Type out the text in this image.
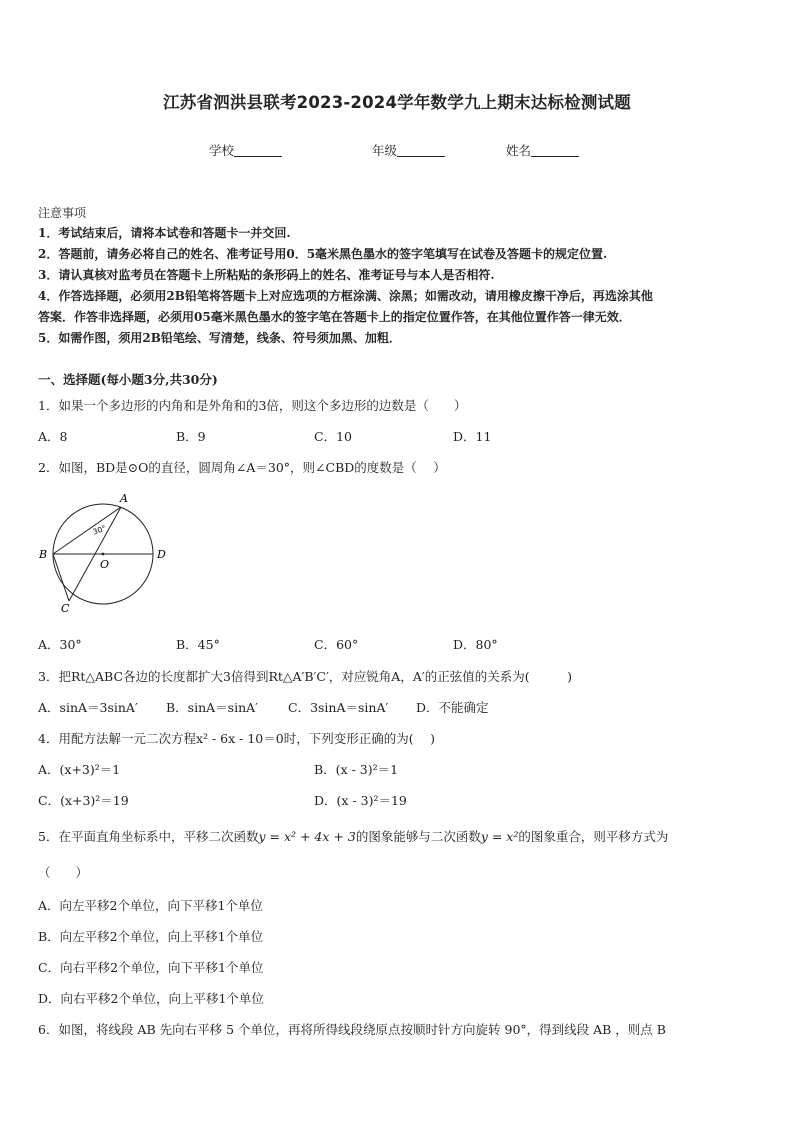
江苏省泗洪县联考2023-2024学年数学九上期末达标检测试题
学校	年级	姓名
注意事项
1．考试结束后，请将本试卷和答题卡一并交回.
2．答题前，请务必将自己的姓名、准考证号用0．5毫米黑色墨水的签字笔填写在试卷及答题卡的规定位置.
3．请认真核对监考员在答题卡上所粘贴的条形码上的姓名、准考证号与本人是否相符.
4．作答选择题，必须用2B铅笔将答题卡上对应选项的方框涂满、涂黑；如需改动，请用橡皮擦干净后，再选涂其他
答案．作答非选择题，必须用05毫米黑色墨水的签字笔在答题卡上的指定位置作答，在其他位置作答一律无效．
5．如需作图，须用2B铅笔绘、写清楚，线条、符号须加黑、加粗．
一、选择题(每小题3分,共30分)
1．如果一个多边形的内角和是外角和的3倍，则这个多边形的边数是（　　）
A．8	B．9	C．10	D．11
2．如图，BD是⊙O的直径，圆周角∠A＝30°，则∠CBD的度数是（　 ）
A
B
C
D
O
30°
A．30°	B．45°	C．60°	D．80°
3．把Rt△ABC各边的长度都扩大3倍得到Rt△A′B′C′，对应锐角A，A′的正弦值的关系为(　　　)
A．sinA＝3sinA′ B．sinA＝sinA′ C．3sinA＝sinA′ D．不能确定
4．用配方法解一元二次方程x² - 6x - 10＝0时，下列变形正确的为(　 )
A．(x+3)²＝1	B．(x - 3)²＝1
C．(x+3)²＝19	D．(x - 3)²＝19
5．在平面直角坐标系中，平移二次函数y = x² + 4x + 3的图象能够与二次函数y = x²的图象重合，则平移方式为
（　　）
A．向左平移2个单位，向下平移1个单位
B．向左平移2个单位，向上平移1个单位
C．向右平移2个单位，向下平移1个单位
D．向右平移2个单位，向上平移1个单位
6．如图，将线段 AB 先向右平移 5 个单位，再将所得线段绕原点按顺时针方向旋转 90°，得到线段 AB ，则点 B
